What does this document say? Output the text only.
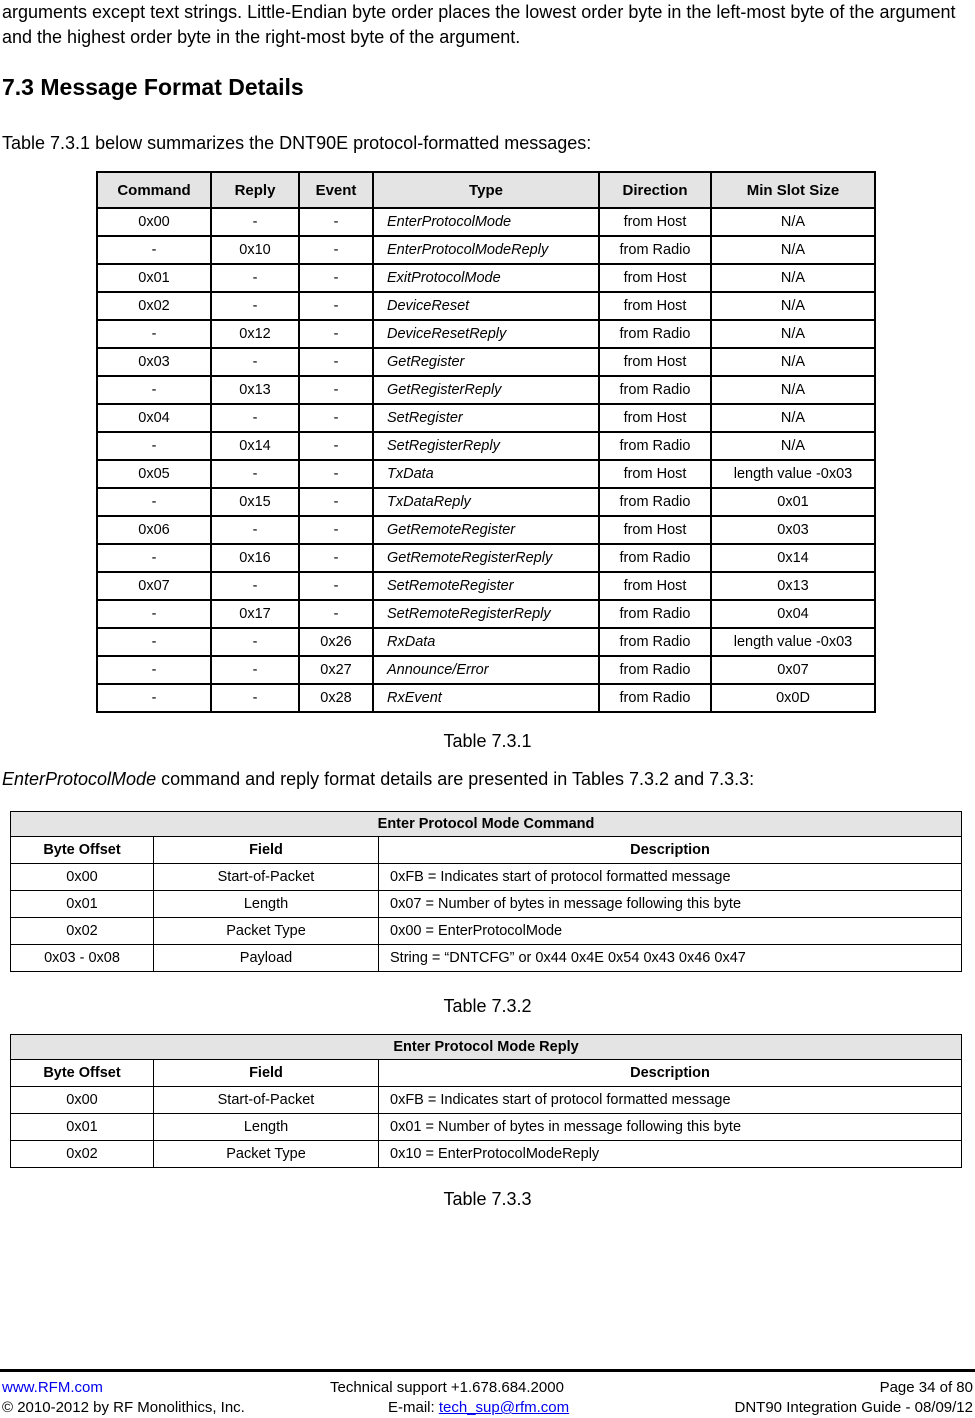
arguments except text strings. Little-Endian byte order places the lowest order byte in the left-most byte of the argument and the highest order byte in the right-most byte of the argument.
7.3 Message Format Details
Table 7.3.1 below summarizes the DNT90E protocol-formatted messages:
Command	Reply	Event	Type	Direction	Min Slot Size
0x00	-	-	EnterProtocolMode	from Host	N/A
-	0x10	-	EnterProtocolModeReply	from Radio	N/A
0x01	-	-	ExitProtocolMode	from Host	N/A
0x02	-	-	DeviceReset	from Host	N/A
-	0x12	-	DeviceResetReply	from Radio	N/A
0x03	-	-	GetRegister	from Host	N/A
-	0x13	-	GetRegisterReply	from Radio	N/A
0x04	-	-	SetRegister	from Host	N/A
-	0x14	-	SetRegisterReply	from Radio	N/A
0x05	-	-	TxData	from Host	length value -0x03
-	0x15	-	TxDataReply	from Radio	0x01
0x06	-	-	GetRemoteRegister	from Host	0x03
-	0x16	-	GetRemoteRegisterReply	from Radio	0x14
0x07	-	-	SetRemoteRegister	from Host	0x13
-	0x17	-	SetRemoteRegisterReply	from Radio	0x04
-	-	0x26	RxData	from Radio	length value -0x03
-	-	0x27	Announce/Error	from Radio	0x07
-	-	0x28	RxEvent	from Radio	0x0D
Table 7.3.1
EnterProtocolMode command and reply format details are presented in Tables 7.3.2 and 7.3.3:
Enter Protocol Mode Command		
Byte Offset	Field	Description
0x00	Start-of-Packet	0xFB = Indicates start of protocol formatted message
0x01	Length	0x07 = Number of bytes in message following this byte
0x02	Packet Type	0x00 = EnterProtocolMode
0x03 - 0x08	Payload	String = “DNTCFG” or 0x44 0x4E 0x54 0x43 0x46 0x47
Table 7.3.2
Enter Protocol Mode Reply		
Byte Offset	Field	Description
0x00	Start-of-Packet	0xFB = Indicates start of protocol formatted message
0x01	Length	0x01 = Number of bytes in message following this byte
0x02	Packet Type	0x10 = EnterProtocolModeReply
Table 7.3.3
www.RFM.com
© 2010-2012 by RF Monolithics, Inc.
Technical support +1.678.684.2000
E-mail: tech_sup@rfm.com
Page 34 of 80
DNT90 Integration Guide - 08/09/12
